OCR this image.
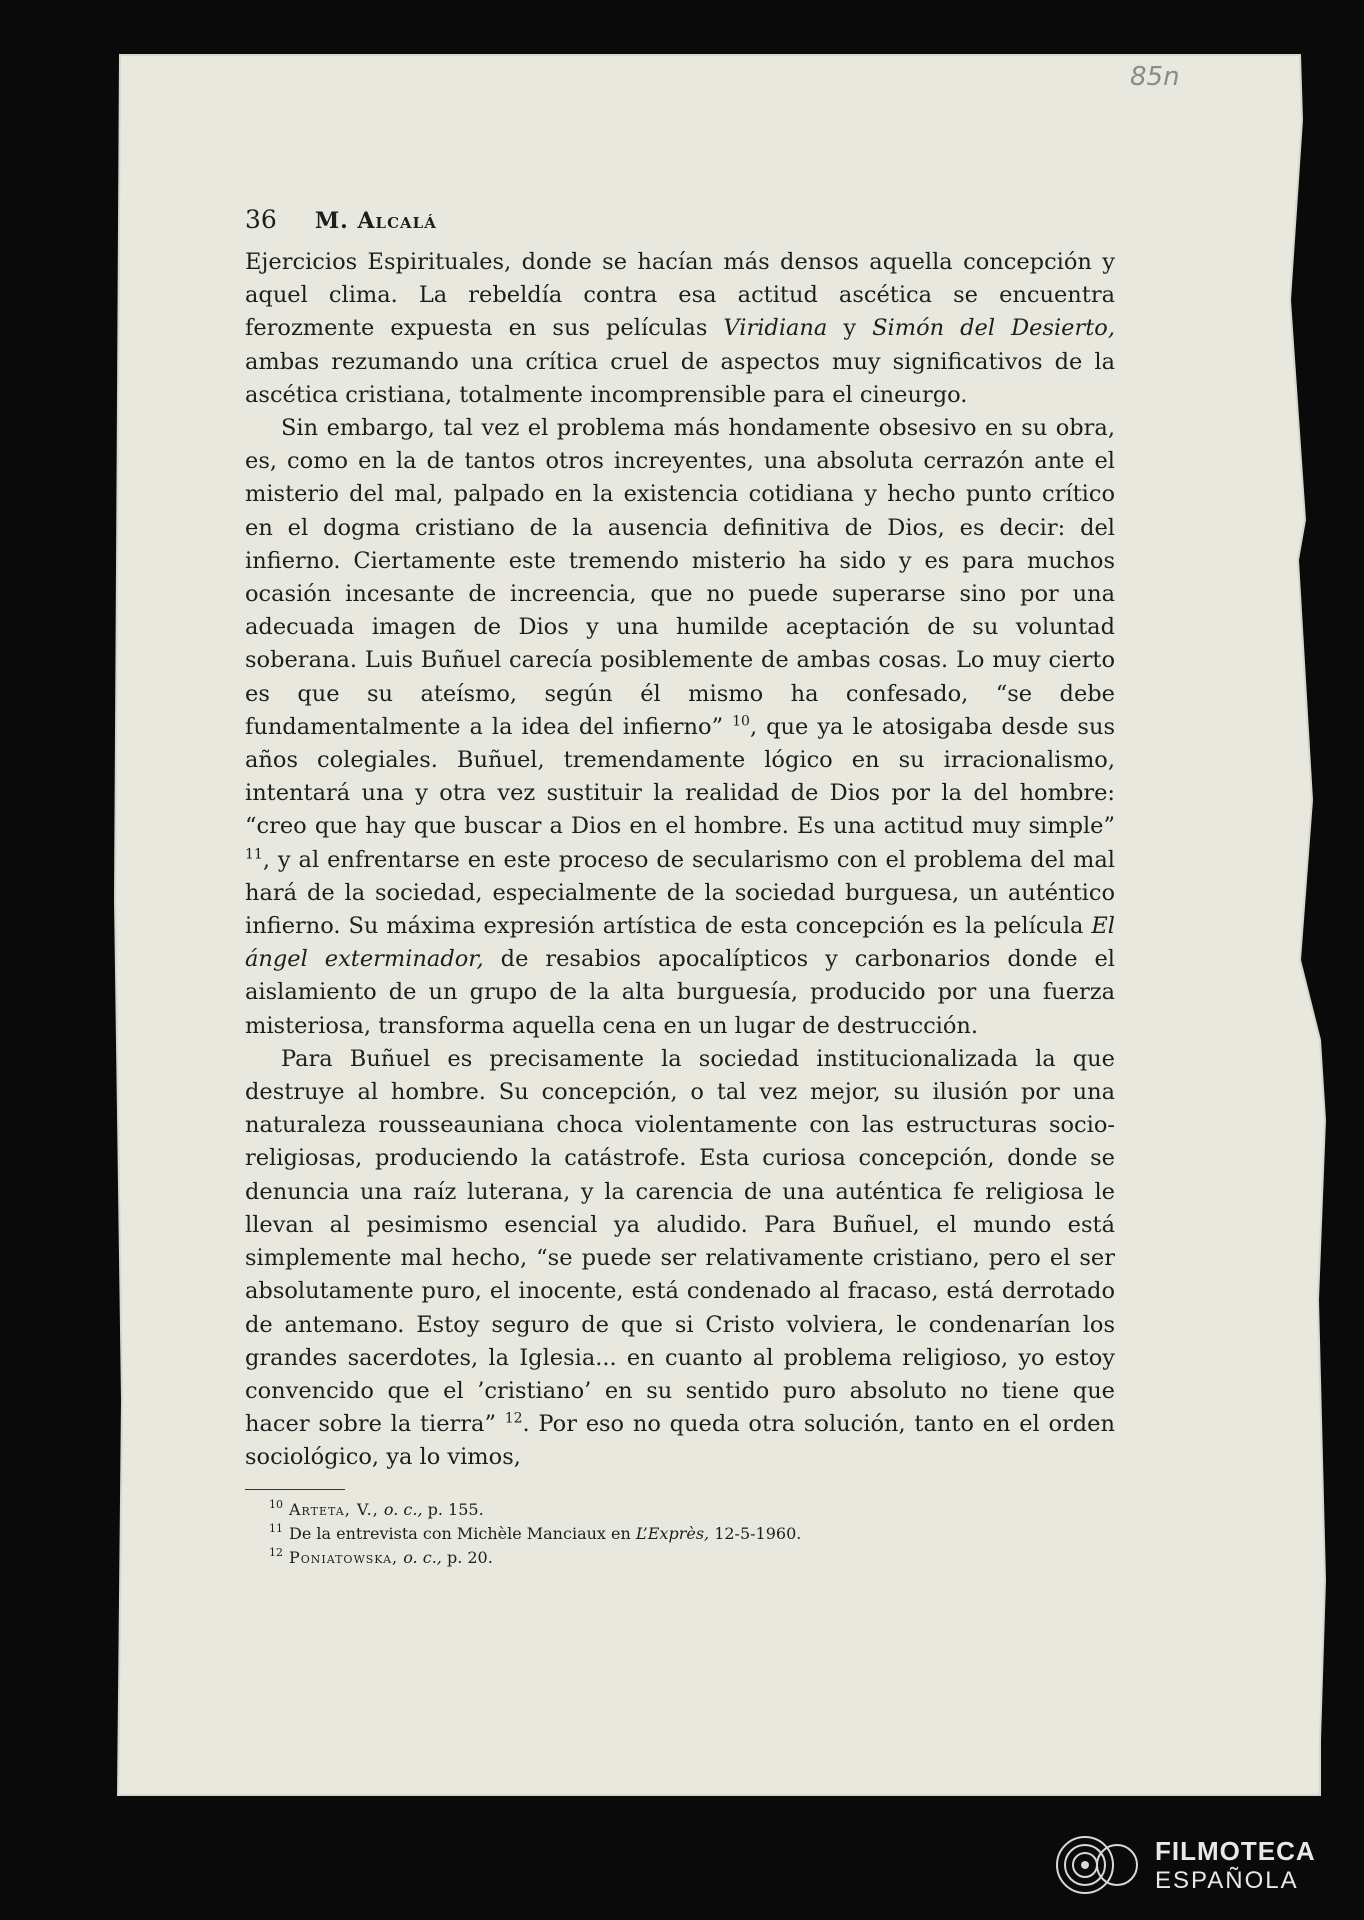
85n
36 M. Alcalá

Ejercicios Espirituales, donde se hacían más densos aquella concepción y aquel clima. La rebeldía contra esa actitud ascética se encuentra ferozmente expuesta en sus películas Viridiana y Simón del Desierto, ambas rezumando una crítica cruel de aspectos muy significativos de la ascética cristiana, totalmente incomprensible para el cineurgo.

Sin embargo, tal vez el problema más hondamente obsesivo en su obra, es, como en la de tantos otros increyentes, una absoluta cerrazón ante el misterio del mal, palpado en la existencia cotidiana y hecho punto crítico en el dogma cristiano de la ausencia definitiva de Dios, es decir: del infierno. Ciertamente este tremendo misterio ha sido y es para muchos ocasión incesante de increencia, que no puede superarse sino por una adecuada imagen de Dios y una humilde aceptación de su voluntad soberana. Luis Buñuel carecía posiblemente de ambas cosas. Lo muy cierto es que su ateísmo, según él mismo ha confesado, “se debe fundamentalmente a la idea del infierno” $^{10}$, que ya le atosigaba desde sus años colegiales. Buñuel, tremendamente lógico en su irracionalismo, intentará una y otra vez sustituir la realidad de Dios por la del hombre: “creo que hay que buscar a Dios en el hombre. Es una actitud muy simple” $^{11}$, y al enfrentarse en este proceso de secularismo con el problema del mal hará de la sociedad, especialmente de la sociedad burguesa, un auténtico infierno. Su máxima expresión artística de esta concepción es la película El ángel exterminador, de resabios apocalípticos y carbonarios donde el aislamiento de un grupo de la alta burguesía, producido por una fuerza misteriosa, transforma aquella cena en un lugar de destrucción.

Para Buñuel es precisamente la sociedad institucionalizada la que destruye al hombre. Su concepción, o tal vez mejor, su ilusión por una naturaleza rousseauniana choca violentamente con las estructuras socio-religiosas, produciendo la catástrofe. Esta curiosa concepción, donde se denuncia una raíz luterana, y la carencia de una auténtica fe religiosa le llevan al pesimismo esencial ya aludido. Para Buñuel, el mundo está simplemente mal hecho, “se puede ser relativamente cristiano, pero el ser absolutamente puro, el inocente, está condenado al fracaso, está derrotado de antemano. Estoy seguro de que si Cristo volviera, le condenarían los grandes sacerdotes, la Iglesia... en cuanto al problema religioso, yo estoy convencido que el ’cristiano’ en su sentido puro absoluto no tiene que hacer sobre la tierra” $^{12}$. Por eso no queda otra solución, tanto en el orden sociológico, ya lo vimos,

$^{10}$ Arteta, V., o. c., p. 155.
$^{11}$ De la entrevista con Michèle Manciaux en L’Exprès, 12-5-1960.
$^{12}$ Poniatowska, o. c., p. 20.
FILMOTECA
ESPAÑOLA
